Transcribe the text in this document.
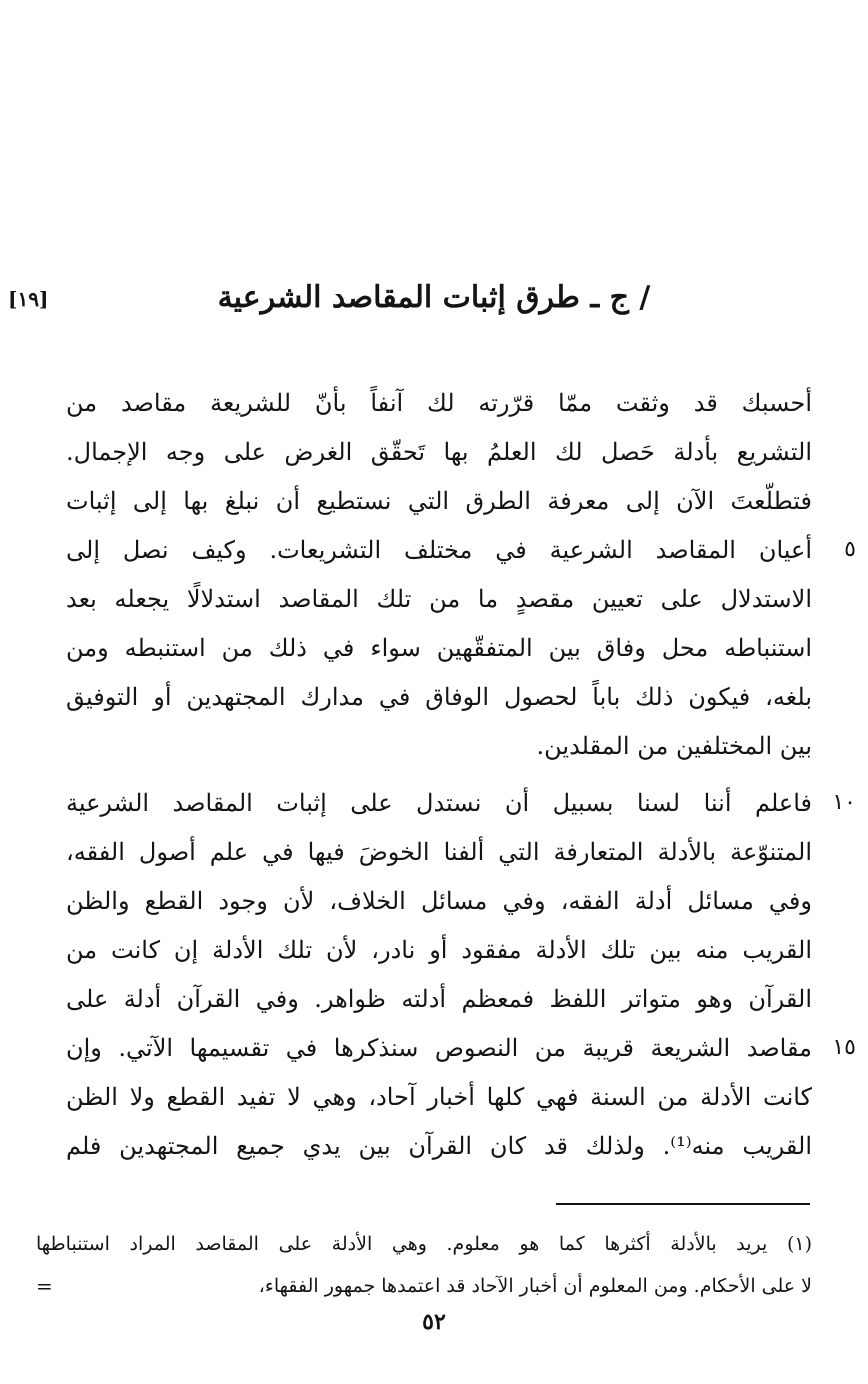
/ ج ـ طرق إثبات المقاصد الشرعية
[١٩]
أحسبك قد وثقت ممّا قرّرته لك آنفاً بأنّ للشريعة مقاصد من
التشريع بأدلة حَصل لك العلمُ بها تَحقّق الغرض على وجه الإجمال.
فتطلّعتَ الآن إلى معرفة الطرق التي نستطيع أن نبلغ بها إلى إثبات
أعيان المقاصد الشرعية في مختلف التشريعات. وكيف نصل إلى	٥
الاستدلال على تعيين مقصدٍ ما من تلك المقاصد استدلالًا يجعله بعد
استنباطه محل وفاق بين المتفقّهين سواء في ذلك من استنبطه ومن
بلغه، فيكون ذلك باباً لحصول الوفاق في مدارك المجتهدين أو التوفيق
بين المختلفين من المقلدين.
فاعلم أننا لسنا بسبيل أن نستدل على إثبات المقاصد الشرعية ١٠
المتنوّعة بالأدلة المتعارفة التي ألفنا الخوضَ فيها في علم أصول الفقه،
وفي مسائل أدلة الفقه، وفي مسائل الخلاف، لأن وجود القطع والظن
القريب منه بين تلك الأدلة مفقود أو نادر، لأن تلك الأدلة إن كانت من
القرآن وهو متواتر اللفظ فمعظم أدلته ظواهر. وفي القرآن أدلة على
مقاصد الشريعة قريبة من النصوص سنذكرها في تقسيمها الآتي. وإن ١٥
كانت الأدلة من السنة فهي كلها أخبار آحاد، وهي لا تفيد القطع ولا الظن
القريب منه⁽¹⁾. ولذلك قد كان القرآن بين يدي جميع المجتهدين فلم
(١) يريد بالأدلة أكثرها كما هو معلوم. وهي الأدلة على المقاصد المراد استنباطها
لا على الأحكام. ومن المعلوم أن أخبار الآحاد قد اعتمدها جمهور الفقهاء،
=
٥٢
